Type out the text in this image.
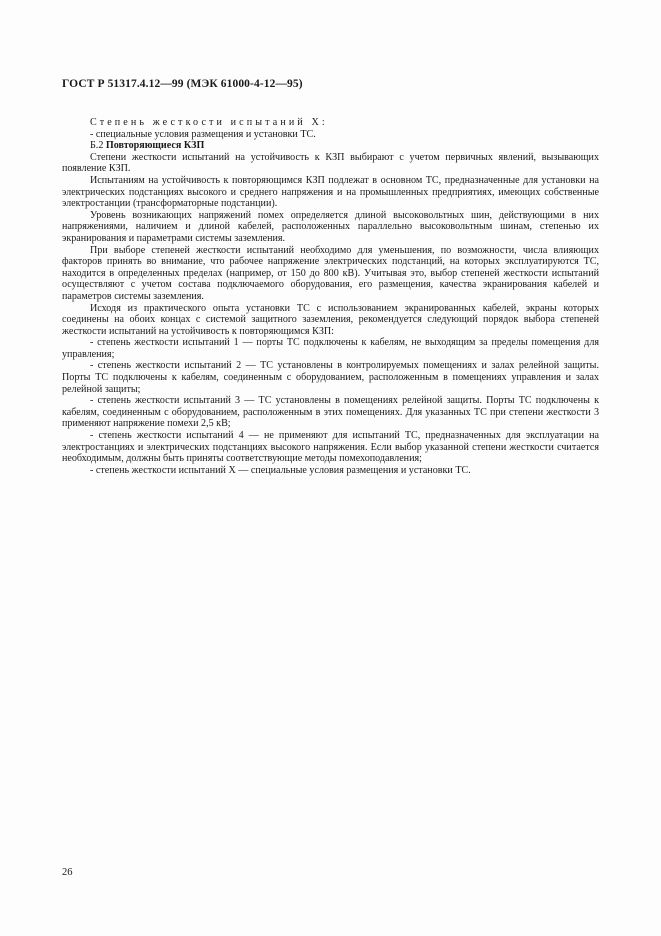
ГОСТ Р 51317.4.12—99 (МЭК 61000-4-12—95)

Степень жесткости испытаний X:

- специальные условия размещения и установки ТС.

Б.2 Повторяющиеся КЗП

Степени жесткости испытаний на устойчивость к КЗП выбирают с учетом первичных явлений, вызывающих появление КЗП.

Испытаниям на устойчивость к повторяющимся КЗП подлежат в основном ТС, предназначенные для установки на электрических подстанциях высокого и среднего напряжения и на промышленных предприятиях, имеющих собственные электростанции (трансформаторные подстанции).

Уровень возникающих напряжений помех определяется длиной высоковольтных шин, действующими в них напряжениями, наличием и длиной кабелей, расположенных параллельно высоковольтным шинам, степенью их экранирования и параметрами системы заземления.

При выборе степеней жесткости испытаний необходимо для уменьшения, по возможности, числа влияющих факторов принять во внимание, что рабочее напряжение электрических подстанций, на которых эксплуатируются ТС, находится в определенных пределах (например, от 150 до 800 кВ). Учитывая это, выбор степеней жесткости испытаний осуществляют с учетом состава подключаемого оборудования, его размещения, качества экранирования кабелей и параметров системы заземления.

Исходя из практического опыта установки ТС с использованием экранированных кабелей, экраны которых соединены на обоих концах с системой защитного заземления, рекомендуется следующий порядок выбора степеней жесткости испытаний на устойчивость к повторяющимся КЗП:

- степень жесткости испытаний 1 — порты ТС подключены к кабелям, не выходящим за пределы помещения для управления;

- степень жесткости испытаний 2 — ТС установлены в контролируемых помещениях и залах релейной защиты. Порты ТС подключены к кабелям, соединенным с оборудованием, расположенным в помещениях управления и залах релейной защиты;

- степень жесткости испытаний 3 — ТС установлены в помещениях релейной защиты. Порты ТС подключены к кабелям, соединенным с оборудованием, расположенным в этих помещениях. Для указанных ТС при степени жесткости 3 применяют напряжение помехи 2,5 кВ;

- степень жесткости испытаний 4 — не применяют для испытаний ТС, предназначенных для эксплуатации на электростанциях и электрических подстанциях высокого напряжения. Если выбор указанной степени жесткости считается необходимым, должны быть приняты соответствующие методы помехоподавления;

- степень жесткости испытаний X — специальные условия размещения и установки ТС.

26
